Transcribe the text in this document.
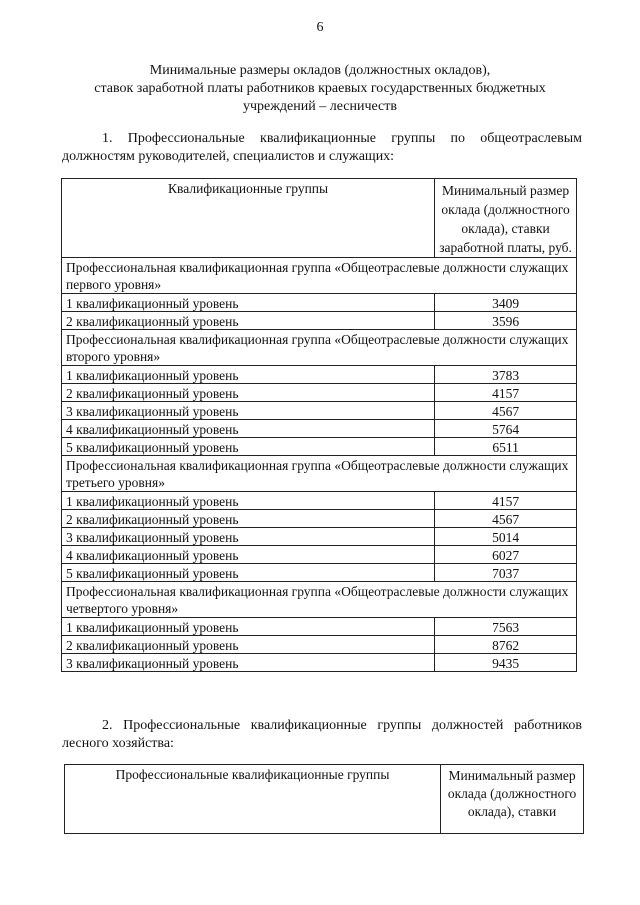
6
Минимальные размеры окладов (должностных окладов),
ставок заработной платы работников краевых государственных бюджетных
учреждений – лесничеств
1. Профессиональные квалификационные группы по общеотраслевым должностям руководителей, специалистов и служащих:
Квалификационные группы	Минимальный размер оклада (должностного оклада), ставки заработной платы, руб.
Профессиональная квалификационная группа «Общеотраслевые должности служащих первого уровня»	
1 квалификационный уровень	3409
2 квалификационный уровень	3596
Профессиональная квалификационная группа «Общеотраслевые должности служащих второго уровня»	
1 квалификационный уровень	3783
2 квалификационный уровень	4157
3 квалификационный уровень	4567
4 квалификационный уровень	5764
5 квалификационный уровень	6511
Профессиональная квалификационная группа «Общеотраслевые должности служащих третьего уровня»	
1 квалификационный уровень	4157
2 квалификационный уровень	4567
3 квалификационный уровень	5014
4 квалификационный уровень	6027
5 квалификационный уровень	7037
Профессиональная квалификационная группа «Общеотраслевые должности служащих четвертого уровня»	
1 квалификационный уровень	7563
2 квалификационный уровень	8762
3 квалификационный уровень	9435
2. Профессиональные квалификационные группы должностей работников лесного хозяйства:
Профессиональные квалификационные группы	Минимальный размер оклада (должностного оклада), ставки
